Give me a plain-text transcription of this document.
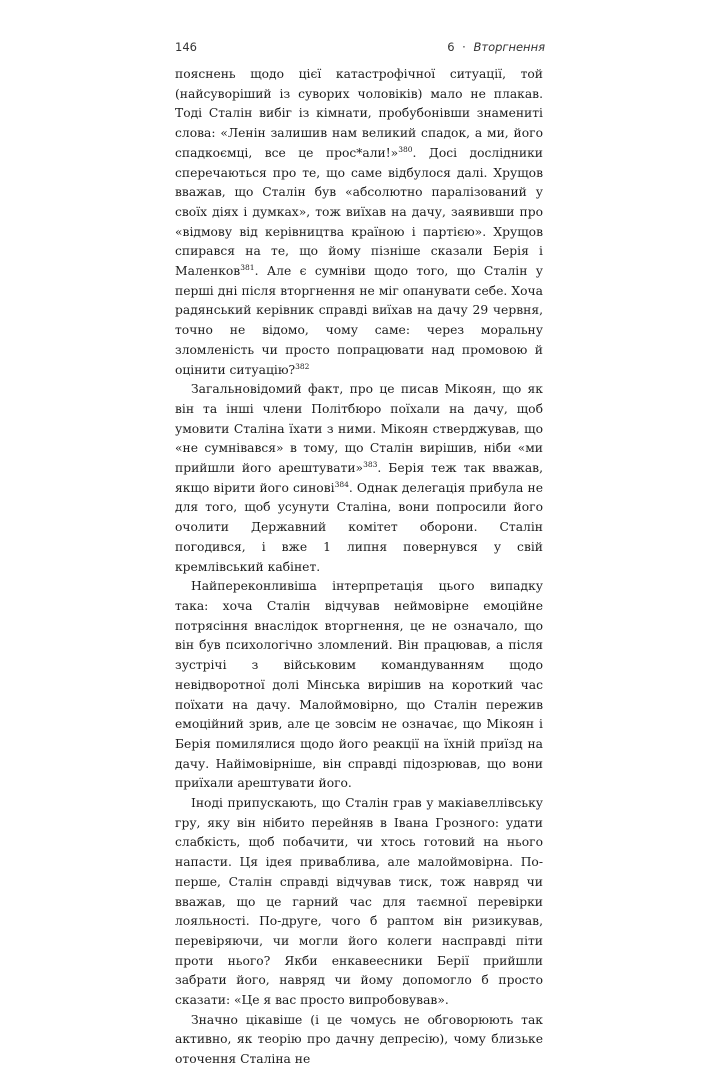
146	6 · Вторгнення

пояснень щодо цієї катастрофічної ситуації, той (найсуворіший із суворих чоловіків) мало не плакав. Тоді Сталін вибіг із кімнати, пробубонівши знамениті слова: «Ленін залишив нам великий спадок, а ми, його спадкоємці, все це прос*али!»$^{380}$. Досі дослідники сперечаються про те, що саме відбулося далі. Хрущов вважав, що Сталін був «абсолютно паралізований у своїх діях і думках», тож виїхав на дачу, заявивши про «відмову від керівництва країною і партією». Хрущов спирався на те, що йому пізніше сказали Берія і Маленков$^{381}$. Але є сумніви щодо того, що Сталін у перші дні після вторгнення не міг опанувати себе. Хоча радянський керівник справді виїхав на дачу 29 червня, точно не відомо, чому саме: через моральну зломленість чи просто попрацювати над промовою й оцінити ситуацію?$^{382}$

Загальновідомий факт, про це писав Мікоян, що як він та інші члени Політбюро поїхали на дачу, щоб умовити Сталіна їхати з ними. Мікоян стверджував, що «не сумнівався» в тому, що Сталін вирішив, ніби «ми прийшли його арештувати»$^{383}$. Берія теж так вважав, якщо вірити його синові$^{384}$. Однак делегація прибула не для того, щоб усунути Сталіна, вони попросили його очолити Державний комітет оборони. Сталін погодився, і вже 1 липня повернувся у свій кремлівський кабінет.

Найпереконливіша інтерпретація цього випадку така: хоча Сталін відчував неймовірне емоційне потрясіння внаслідок вторгнення, це не означало, що він був психологічно зломлений. Він працював, а після зустрічі з військовим командуванням щодо невідворотної долі Мінська вирішив на короткий час поїхати на дачу. Малоймовірно, що Сталін пережив емоційний зрив, але це зовсім не означає, що Мікоян і Берія помилялися щодо його реакції на їхній приїзд на дачу. Найімовірніше, він справді підозрював, що вони приїхали арештувати його.

Іноді припускають, що Сталін грав у макіавеллівську гру, яку він нібито перейняв в Івана Грозного: удати слабкість, щоб побачити, чи хтось готовий на нього напасти. Ця ідея приваблива, але малоймовірна. По-перше, Сталін справді відчував тиск, тож навряд чи вважав, що це гарний час для таємної перевірки лояльності. По-друге, чого б раптом він ризикував, перевіряючи, чи могли його колеги насправді піти проти нього? Якби енкавеесники Берії прийшли забрати його, навряд чи йому допомогло б просто сказати: «Це я вас просто випробовував».

Значно цікавіше (і це чомусь не обговорюють так активно, як теорію про дачну депресію), чому близьке оточення Сталіна не
